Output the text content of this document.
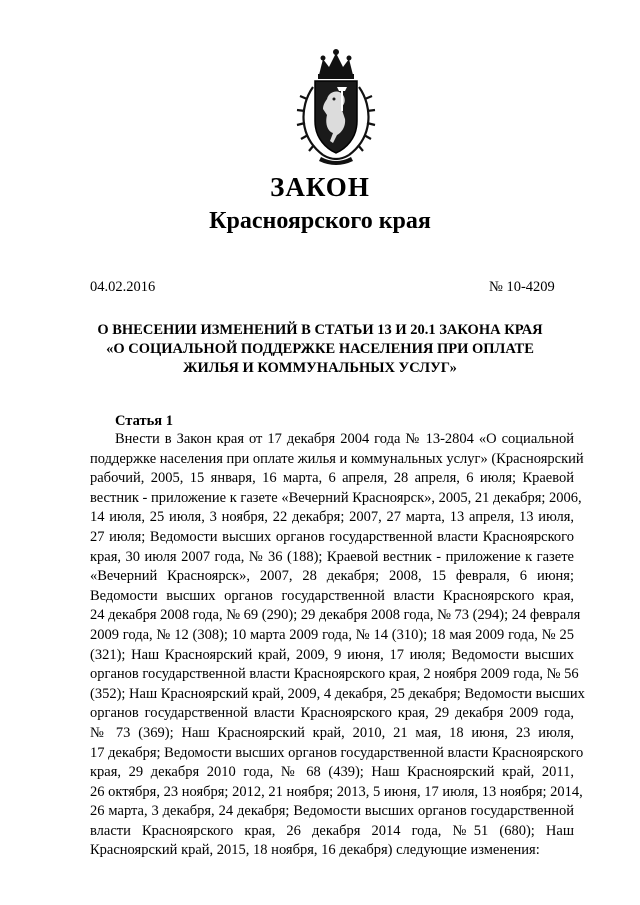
ЗАКОН
Красноярского края
04.02.2016	№ 10-4209
О ВНЕСЕНИИ ИЗМЕНЕНИЙ В СТАТЬИ 13 И 20.1 ЗАКОНА КРАЯ
«О СОЦИАЛЬНОЙ ПОДДЕРЖКЕ НАСЕЛЕНИЯ ПРИ ОПЛАТЕ
ЖИЛЬЯ И КОММУНАЛЬНЫХ УСЛУГ»
Статья 1
Внести в Закон края от 17 декабря 2004 года № 13-2804 «О социальной
поддержке населения при оплате жилья и коммунальных услуг» (Красноярский
рабочий, 2005, 15 января, 16 марта, 6 апреля, 28 апреля, 6 июля; Краевой
вестник - приложение к газете «Вечерний Красноярск», 2005, 21 декабря; 2006,
14 июля, 25 июля, 3 ноября, 22 декабря; 2007, 27 марта, 13 апреля, 13 июля,
27 июля; Ведомости высших органов государственной власти Красноярского
края, 30 июля 2007 года, № 36 (188); Краевой вестник - приложение к газете
«Вечерний Красноярск», 2007, 28 декабря; 2008, 15 февраля, 6 июня;
Ведомости высших органов государственной власти Красноярского края,
24 декабря 2008 года, № 69 (290); 29 декабря 2008 года, № 73 (294); 24 февраля
2009 года, № 12 (308); 10 марта 2009 года, № 14 (310); 18 мая 2009 года, № 25
(321); Наш Красноярский край, 2009, 9 июня, 17 июля; Ведомости высших
органов государственной власти Красноярского края, 2 ноября 2009 года, № 56
(352); Наш Красноярский край, 2009, 4 декабря, 25 декабря; Ведомости высших
органов государственной власти Красноярского края, 29 декабря 2009 года,
№ 73 (369); Наш Красноярский край, 2010, 21 мая, 18 июня, 23 июля,
17 декабря; Ведомости высших органов государственной власти Красноярского
края, 29 декабря 2010 года, № 68 (439); Наш Красноярский край, 2011,
26 октября, 23 ноября; 2012, 21 ноября; 2013, 5 июня, 17 июля, 13 ноября; 2014,
26 марта, 3 декабря, 24 декабря; Ведомости высших органов государственной
власти Красноярского края, 26 декабря 2014 года, №51 (680); Наш
Красноярский край, 2015, 18 ноября, 16 декабря) следующие изменения:
